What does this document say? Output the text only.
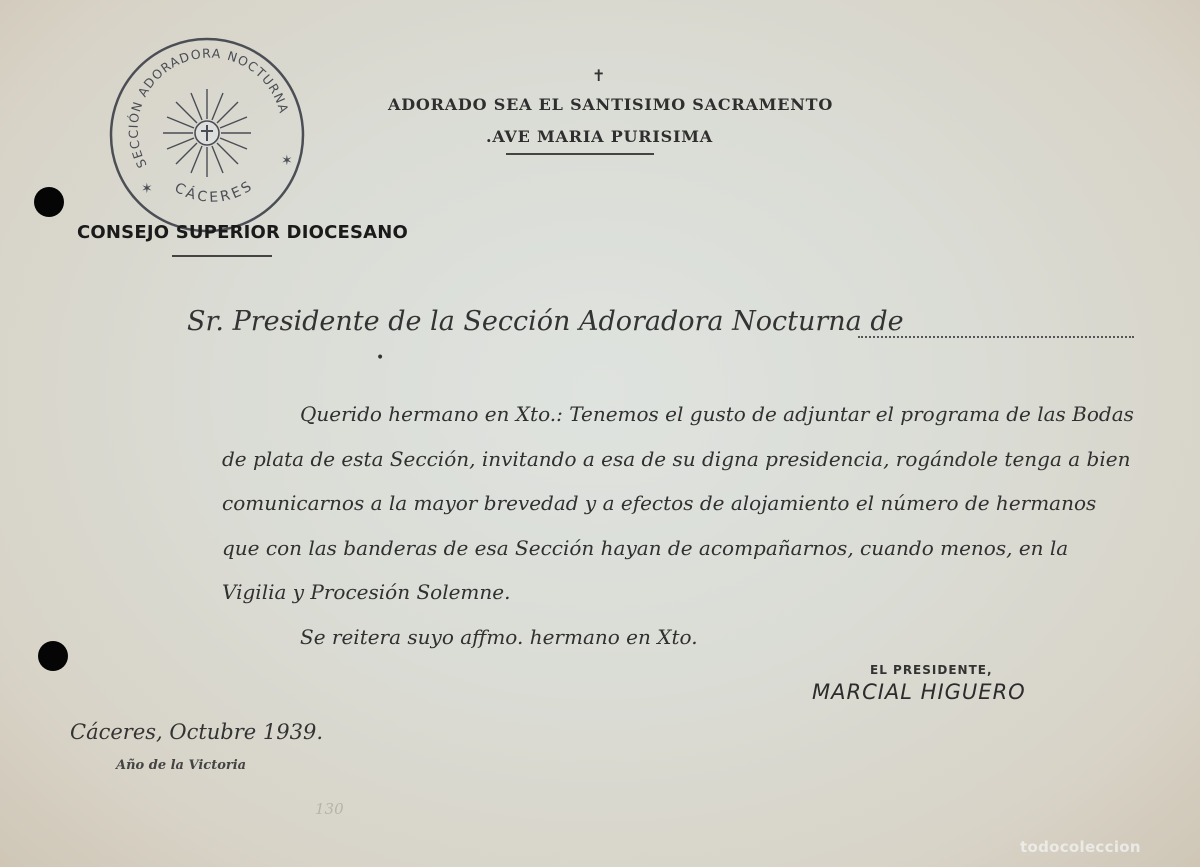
SECCIÓN ADORADORA NOCTURNA
CÁCERES
✶
✶
✝
ADORADO SEA EL SANTISIMO SACRAMENTO
.AVE MARIA PURISIMA
CONSEJO SUPERIOR DIOCESANO
Sr. Presidente de la Sección Adoradora Nocturna de
•

Querido hermano en Xto.: Tenemos el gusto de adjuntar el programa de las Bodas de plata de esta Sección, invitando a esa de su digna presidencia, rogándole tenga a bien comunicarnos a la mayor brevedad y a efectos de alojamiento el número de hermanos que con las banderas de esa Sección hayan de acompañarnos, cuando menos, en la Vigilia y Procesión Solemne.

Se reitera suyo affmo. hermano en Xto.

EL PRESIDENTE,
MARCIAL HIGUERO
Cáceres, Octubre 1939.
Año de la Victoria
130
todocoleccion
